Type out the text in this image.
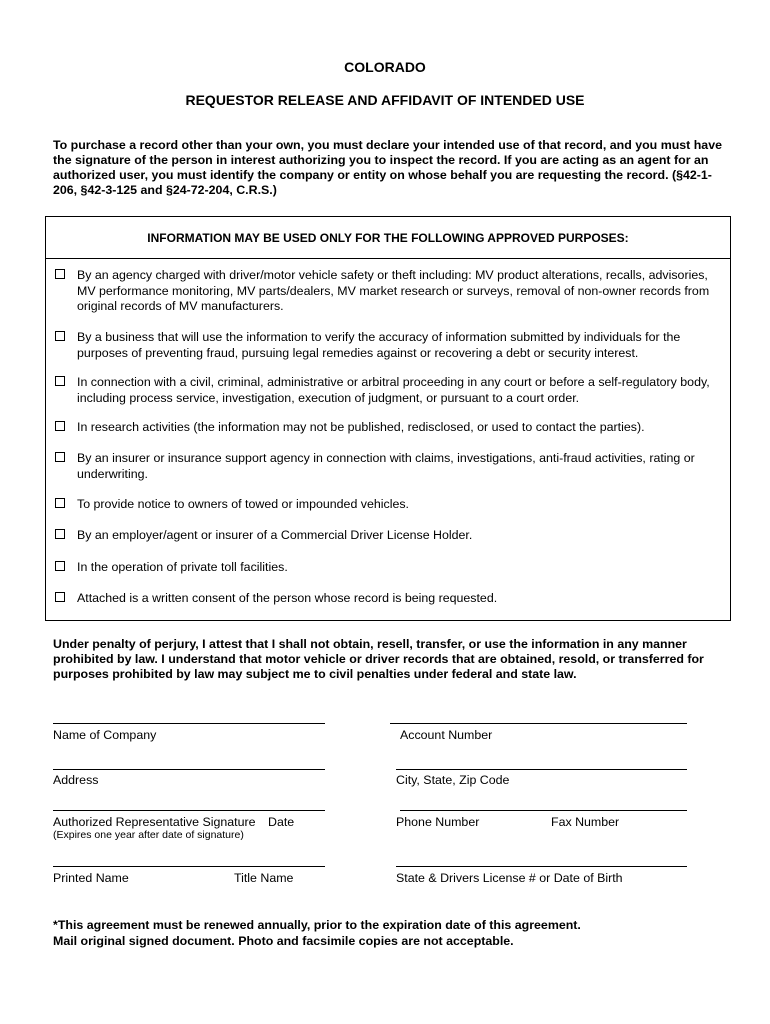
COLORADO
REQUESTOR RELEASE AND AFFIDAVIT OF INTENDED USE
To purchase a record other than your own, you must declare your intended use of that record, and you must have the signature of the person in interest authorizing you to inspect the record. If you are acting as an agent for an authorized user, you must identify the company or entity on whose behalf you are requesting the record. (§42-1-206, §42-3-125 and §24-72-204, C.R.S.)
INFORMATION MAY BE USED ONLY FOR THE FOLLOWING APPROVED PURPOSES:
By an agency charged with driver/motor vehicle safety or theft including: MV product alterations, recalls, advisories, MV performance monitoring, MV parts/dealers, MV market research or surveys, removal of non-owner records from original records of MV manufacturers.
By a business that will use the information to verify the accuracy of information submitted by individuals for the purposes of preventing fraud, pursuing legal remedies against or recovering a debt or security interest.
In connection with a civil, criminal, administrative or arbitral proceeding in any court or before a self-regulatory body, including process service, investigation, execution of judgment, or pursuant to a court order.
In research activities (the information may not be published, redisclosed, or used to contact the parties).
By an insurer or insurance support agency in connection with claims, investigations, anti-fraud activities, rating or underwriting.
To provide notice to owners of towed or impounded vehicles.
By an employer/agent or insurer of a Commercial Driver License Holder.
In the operation of private toll facilities.
Attached is a written consent of the person whose record is being requested.
Under penalty of perjury, I attest that I shall not obtain, resell, transfer, or use the information in any manner prohibited by law. I understand that motor vehicle or driver records that are obtained, resold, or transferred for purposes prohibited by law may subject me to civil penalties under federal and state law.
Name of Company	Account Number
Address	City, State, Zip Code
Authorized Representative Signature Date
(Expires one year after date of signature)
Phone Number	Fax Number
Printed Name	Title Name	State & Drivers License # or Date of Birth
*This agreement must be renewed annually, prior to the expiration date of this agreement.
Mail original signed document. Photo and facsimile copies are not acceptable.
